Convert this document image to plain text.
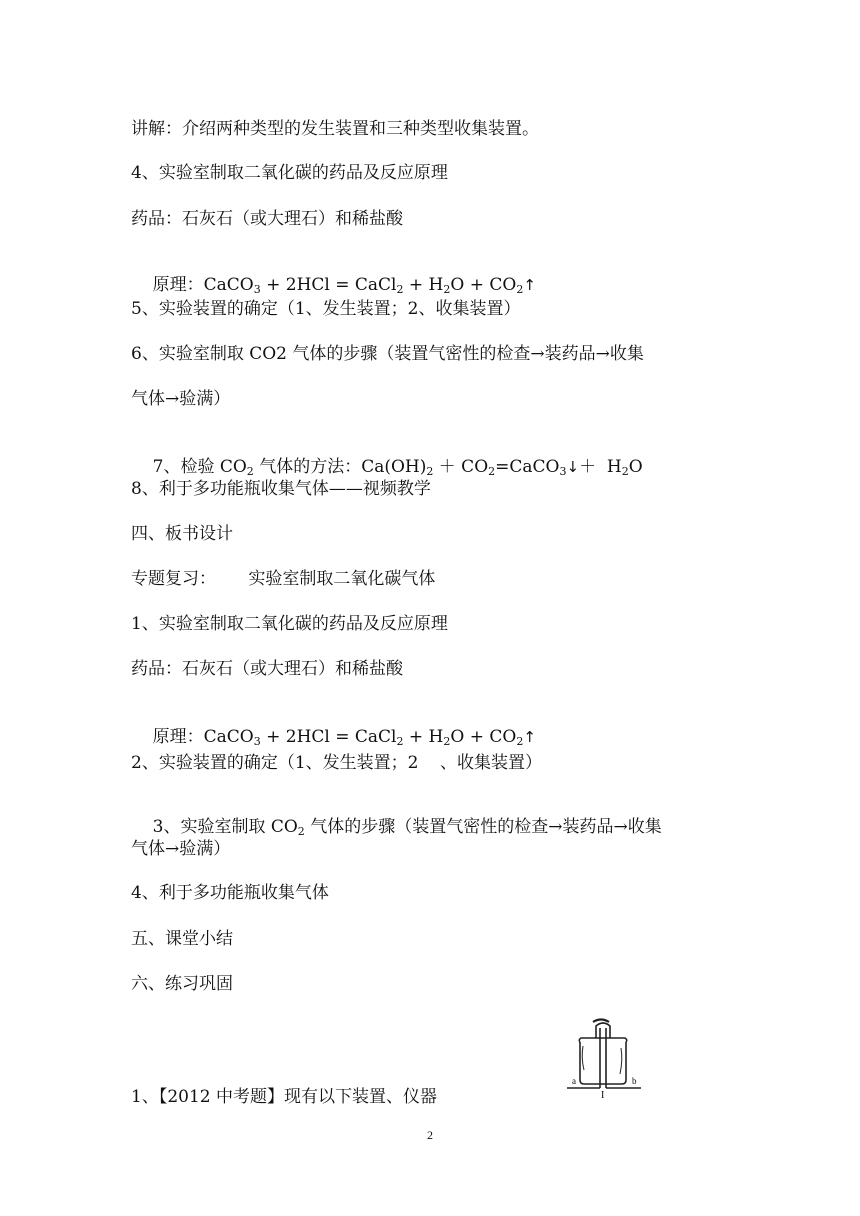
讲解：介绍两种类型的发生装置和三种类型收集装置。
4、实验室制取二氧化碳的药品及反应原理
药品：石灰石（或大理石）和稀盐酸

原理：CaCO$_3$ + 2HCl = CaCl$_2$ + $H_2O$ + $CO_2↑$

5、实验装置的确定（1、发生装置；2、收集装置）
6、实验室制取 CO2 气体的步骤（装置气密性的检查→装药品→收集
气体→验满）

7、检验 $CO_2$ 气体的方法：$Ca(OH)_2$ ＋ $CO_2=CaCO_3↓+ H_2O$

8、利于多功能瓶收集气体——视频教学
四、板书设计
专题复习：      实验室制取二氧化碳气体
1、实验室制取二氧化碳的药品及反应原理
药品：石灰石（或大理石）和稀盐酸

原理：CaCO$_3$ + 2HCl = CaCl$_2$ + $H_2O$ + $CO_2↑$

2、实验装置的确定（1、发生装置；2    、收集装置）

3、实验室制取 $CO_2$ 气体的步骤（装置气密性的检查→装药品→收集

气体→验满）
4、利于多功能瓶收集气体
五、课堂小结
六、练习巩固
1、【2012 中考题】现有以下装置、仪器
a	b
I
2
